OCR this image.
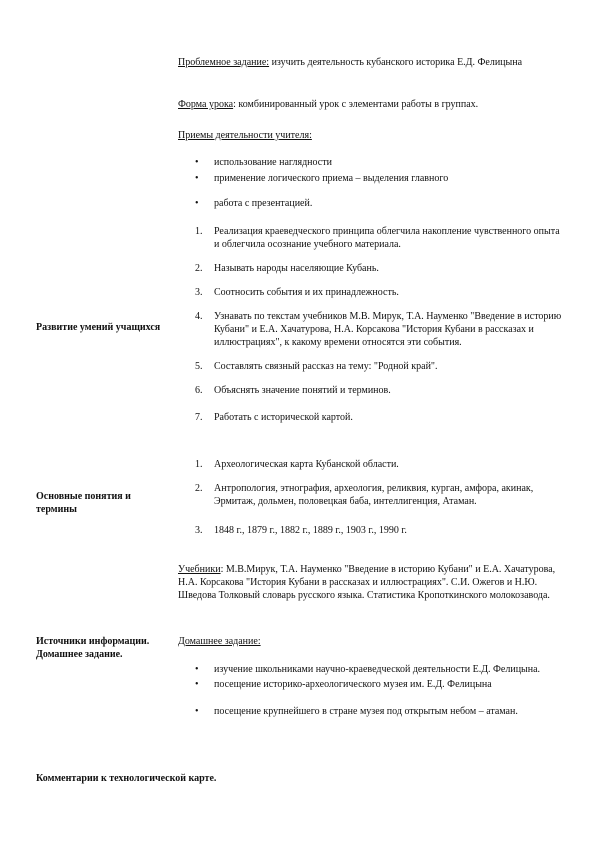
Проблемное задание: изучить деятельность кубанского историка Е.Д. Фелицына
Форма урока: комбинированный урок с элементами работы в группах.
Приемы деятельности учителя:
• использование наглядности
• применение логического приема – выделения главного
• работа с презентацией.
Развитие умений учащихся
1. Реализация краеведческого принципа облегчила накопление чувственного опыта и облегчила осознание учебного материала.
2. Называть народы населяющие Кубань.
3. Соотносить события и их принадлежность.
4. Узнавать по текстам учебников М.В. Мирук, Т.А. Науменко "Введение в историю Кубани" и Е.А. Хачатурова, Н.А. Корсакова "История Кубани в рассказах и иллюстрациях", к какому времени относятся эти события.
5. Составлять связный рассказ на тему: "Родной край".
6. Объяснять значение понятий и терминов.
7. Работать с исторической картой.
Основные понятия и термины
1. Археологическая карта Кубанской области.
2. Антропология, этнография, археология, реликвия, курган, амфора, акинак, Эрмитаж, дольмен, половецкая баба, интеллигенция, Атаман.
3. 1848 г., 1879 г., 1882 г., 1889 г., 1903 г., 1990 г.
Учебники: М.В.Мирук, Т.А. Науменко "Введение в историю Кубани" и Е.А. Хачатурова, Н.А. Корсакова "История Кубани в рассказах и иллюстрациях". С.И. Ожегов и Н.Ю. Шведова Толковый словарь русского языка. Статистика Кропоткинского молокозавода.
Источники информации. Домашнее задание.
Домашнее задание:
• изучение школьниками научно-краеведческой деятельности Е.Д. Фелицына.
• посещение историко-археологического музея им. Е.Д. Фелицына
• посещение крупнейшего в стране музея под открытым небом – атаман.
Комментарии к технологической карте.
